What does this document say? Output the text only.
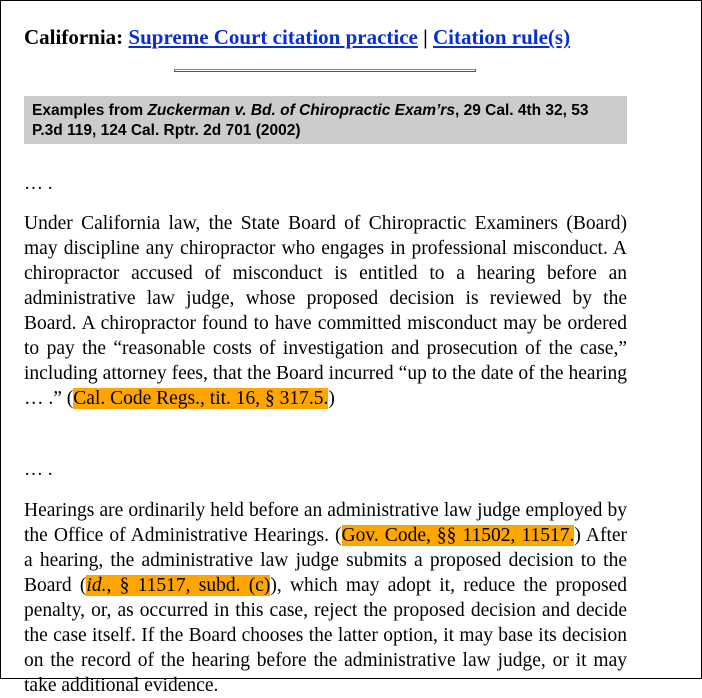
California: Supreme Court citation practice | Citation rule(s)
Examples from Zuckerman v. Bd. of Chiropractic Exam’rs, 29 Cal. 4th 32, 53 P.3d 119, 124 Cal. Rptr. 2d 701 (2002)
… .
Under California law, the State Board of Chiropractic Examiners (Board) may discipline any chiropractor who engages in professional misconduct. A chiropractor accused of misconduct is entitled to a hearing before an administrative law judge, whose proposed decision is reviewed by the Board. A chiropractor found to have committed misconduct may be ordered to pay the “reasonable costs of investigation and prosecution of the case,” including attorney fees, that the Board incurred “up to the date of the hearing … .” (Cal. Code Regs., tit. 16, § 317.5.)
… .
Hearings are ordinarily held before an administrative law judge employed by the Office of Administrative Hearings. (Gov. Code, §§ 11502, 11517.) After a hearing, the administrative law judge submits a proposed decision to the Board (id., § 11517, subd. (c)), which may adopt it, reduce the proposed penalty, or, as occurred in this case, reject the proposed decision and decide the case itself. If the Board chooses the latter option, it may base its decision on the record of the hearing before the administrative law judge, or it may take additional evidence.
